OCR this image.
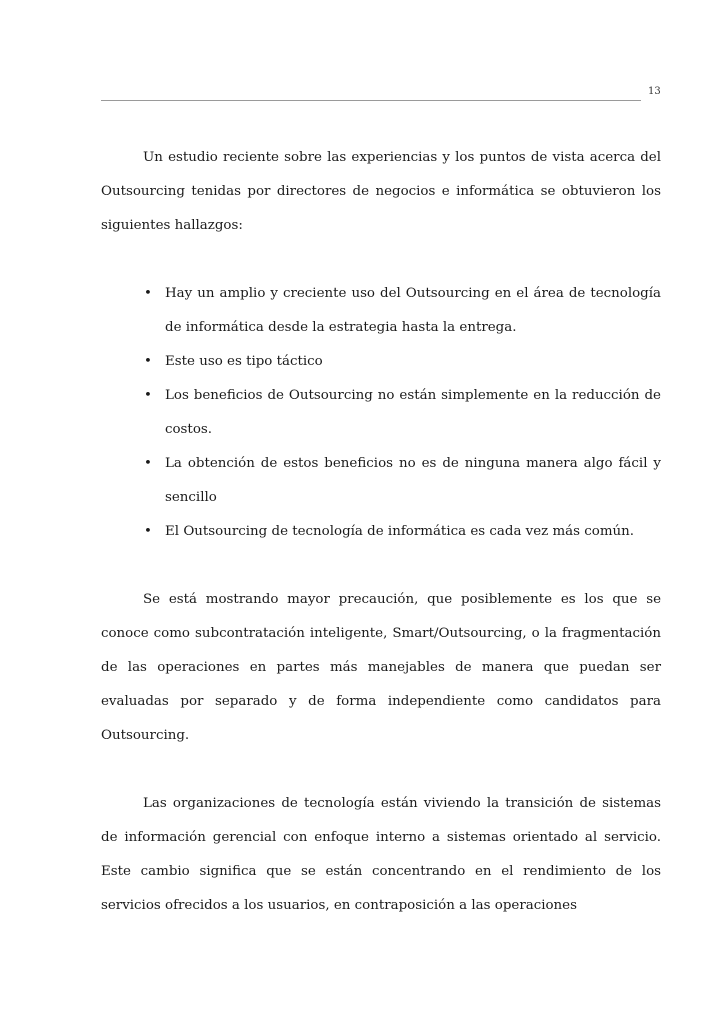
13

Un estudio reciente sobre las experiencias y los puntos de vista acerca del Outsourcing tenidas por directores de negocios e informática se obtuvieron los siguientes hallazgos:

• Hay un amplio y creciente uso del Outsourcing en el área de tecnología de informática desde la estrategia hasta la entrega.
• Este uso es tipo táctico
• Los beneficios de Outsourcing no están simplemente en la reducción de costos.
• La obtención de estos beneficios no es de ninguna manera algo fácil y sencillo
• El Outsourcing de tecnología de informática es cada vez más común.

Se está mostrando mayor precaución, que posiblemente es los que se conoce como subcontratación inteligente, Smart/Outsourcing, o la fragmentación de las operaciones en partes más manejables de manera que puedan ser evaluadas por separado y de forma independiente como candidatos para Outsourcing.

Las organizaciones de tecnología están viviendo la transición de sistemas de información gerencial con enfoque interno a sistemas orientado al servicio. Este cambio significa que se están concentrando en el rendimiento de los servicios ofrecidos a los usuarios, en contraposición a las operaciones
